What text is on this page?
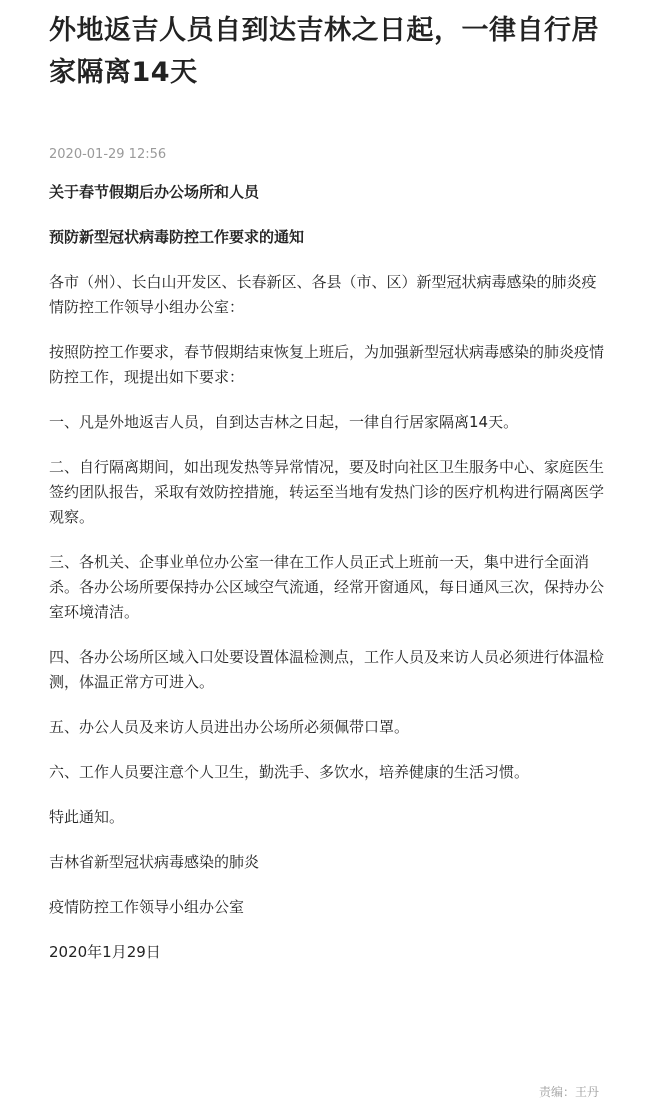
外地返吉人员自到达吉林之日起，一律自行居家隔离14天
2020-01-29 12:56

关于春节假期后办公场所和人员

预防新型冠状病毒防控工作要求的通知

各市（州）、长白山开发区、长春新区、各县（市、区）新型冠状病毒感染的肺炎疫情防控工作领导小组办公室：

按照防控工作要求，春节假期结束恢复上班后，为加强新型冠状病毒感染的肺炎疫情防控工作，现提出如下要求：

一、凡是外地返吉人员，自到达吉林之日起，一律自行居家隔离14天。

二、自行隔离期间，如出现发热等异常情况，要及时向社区卫生服务中心、家庭医生签约团队报告，采取有效防控措施，转运至当地有发热门诊的医疗机构进行隔离医学观察。

三、各机关、企事业单位办公室一律在工作人员正式上班前一天，集中进行全面消杀。各办公场所要保持办公区域空气流通，经常开窗通风，每日通风三次，保持办公室环境清洁。

四、各办公场所区域入口处要设置体温检测点，工作人员及来访人员必须进行体温检测，体温正常方可进入。

五、办公人员及来访人员进出办公场所必须佩带口罩。

六、工作人员要注意个人卫生，勤洗手、多饮水，培养健康的生活习惯。

特此通知。

吉林省新型冠状病毒感染的肺炎

疫情防控工作领导小组办公室

2020年1月29日

责编：王丹
